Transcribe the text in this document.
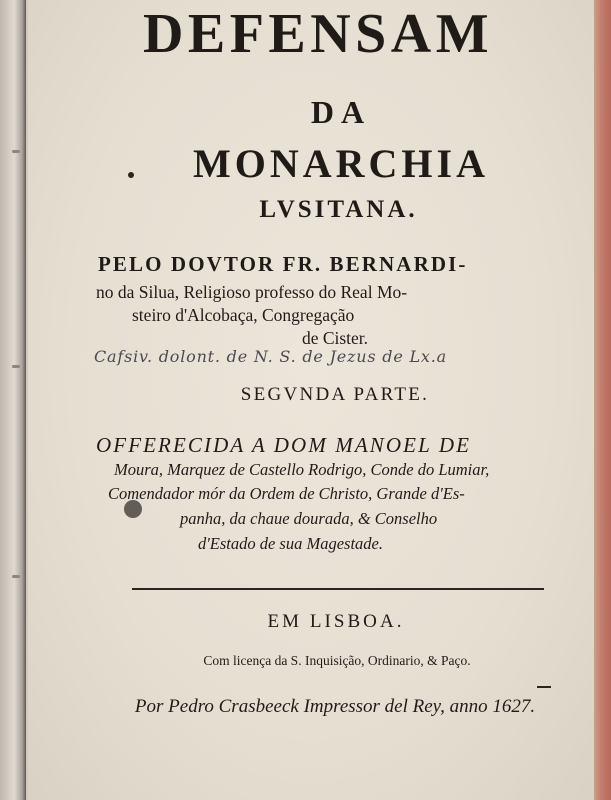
DEFENSAM
DA
MONARCHIA
LVSITANA.
PELO DOVTOR FR. BERNARDI-
no da Silua, Religioso professo do Real Mo-
steiro d'Alcobaça, Congregação
de Cister.
Cafsiv. dolont. de N. S. de Jezus de Lx.a
SEGVNDA PARTE.
OFFERECIDA A DOM MANOEL DE
Moura, Marquez de Castello Rodrigo, Conde do Lumiar,
Comendador mór da Ordem de Christo, Grande d'Es-
panha, da chaue dourada, & Conselho
d'Estado de sua Magestade.
EM LISBOA.
Com licença da S. Inquisição, Ordinario, & Paço.
Por Pedro Crasbeeck Impressor del Rey, anno 1627.
